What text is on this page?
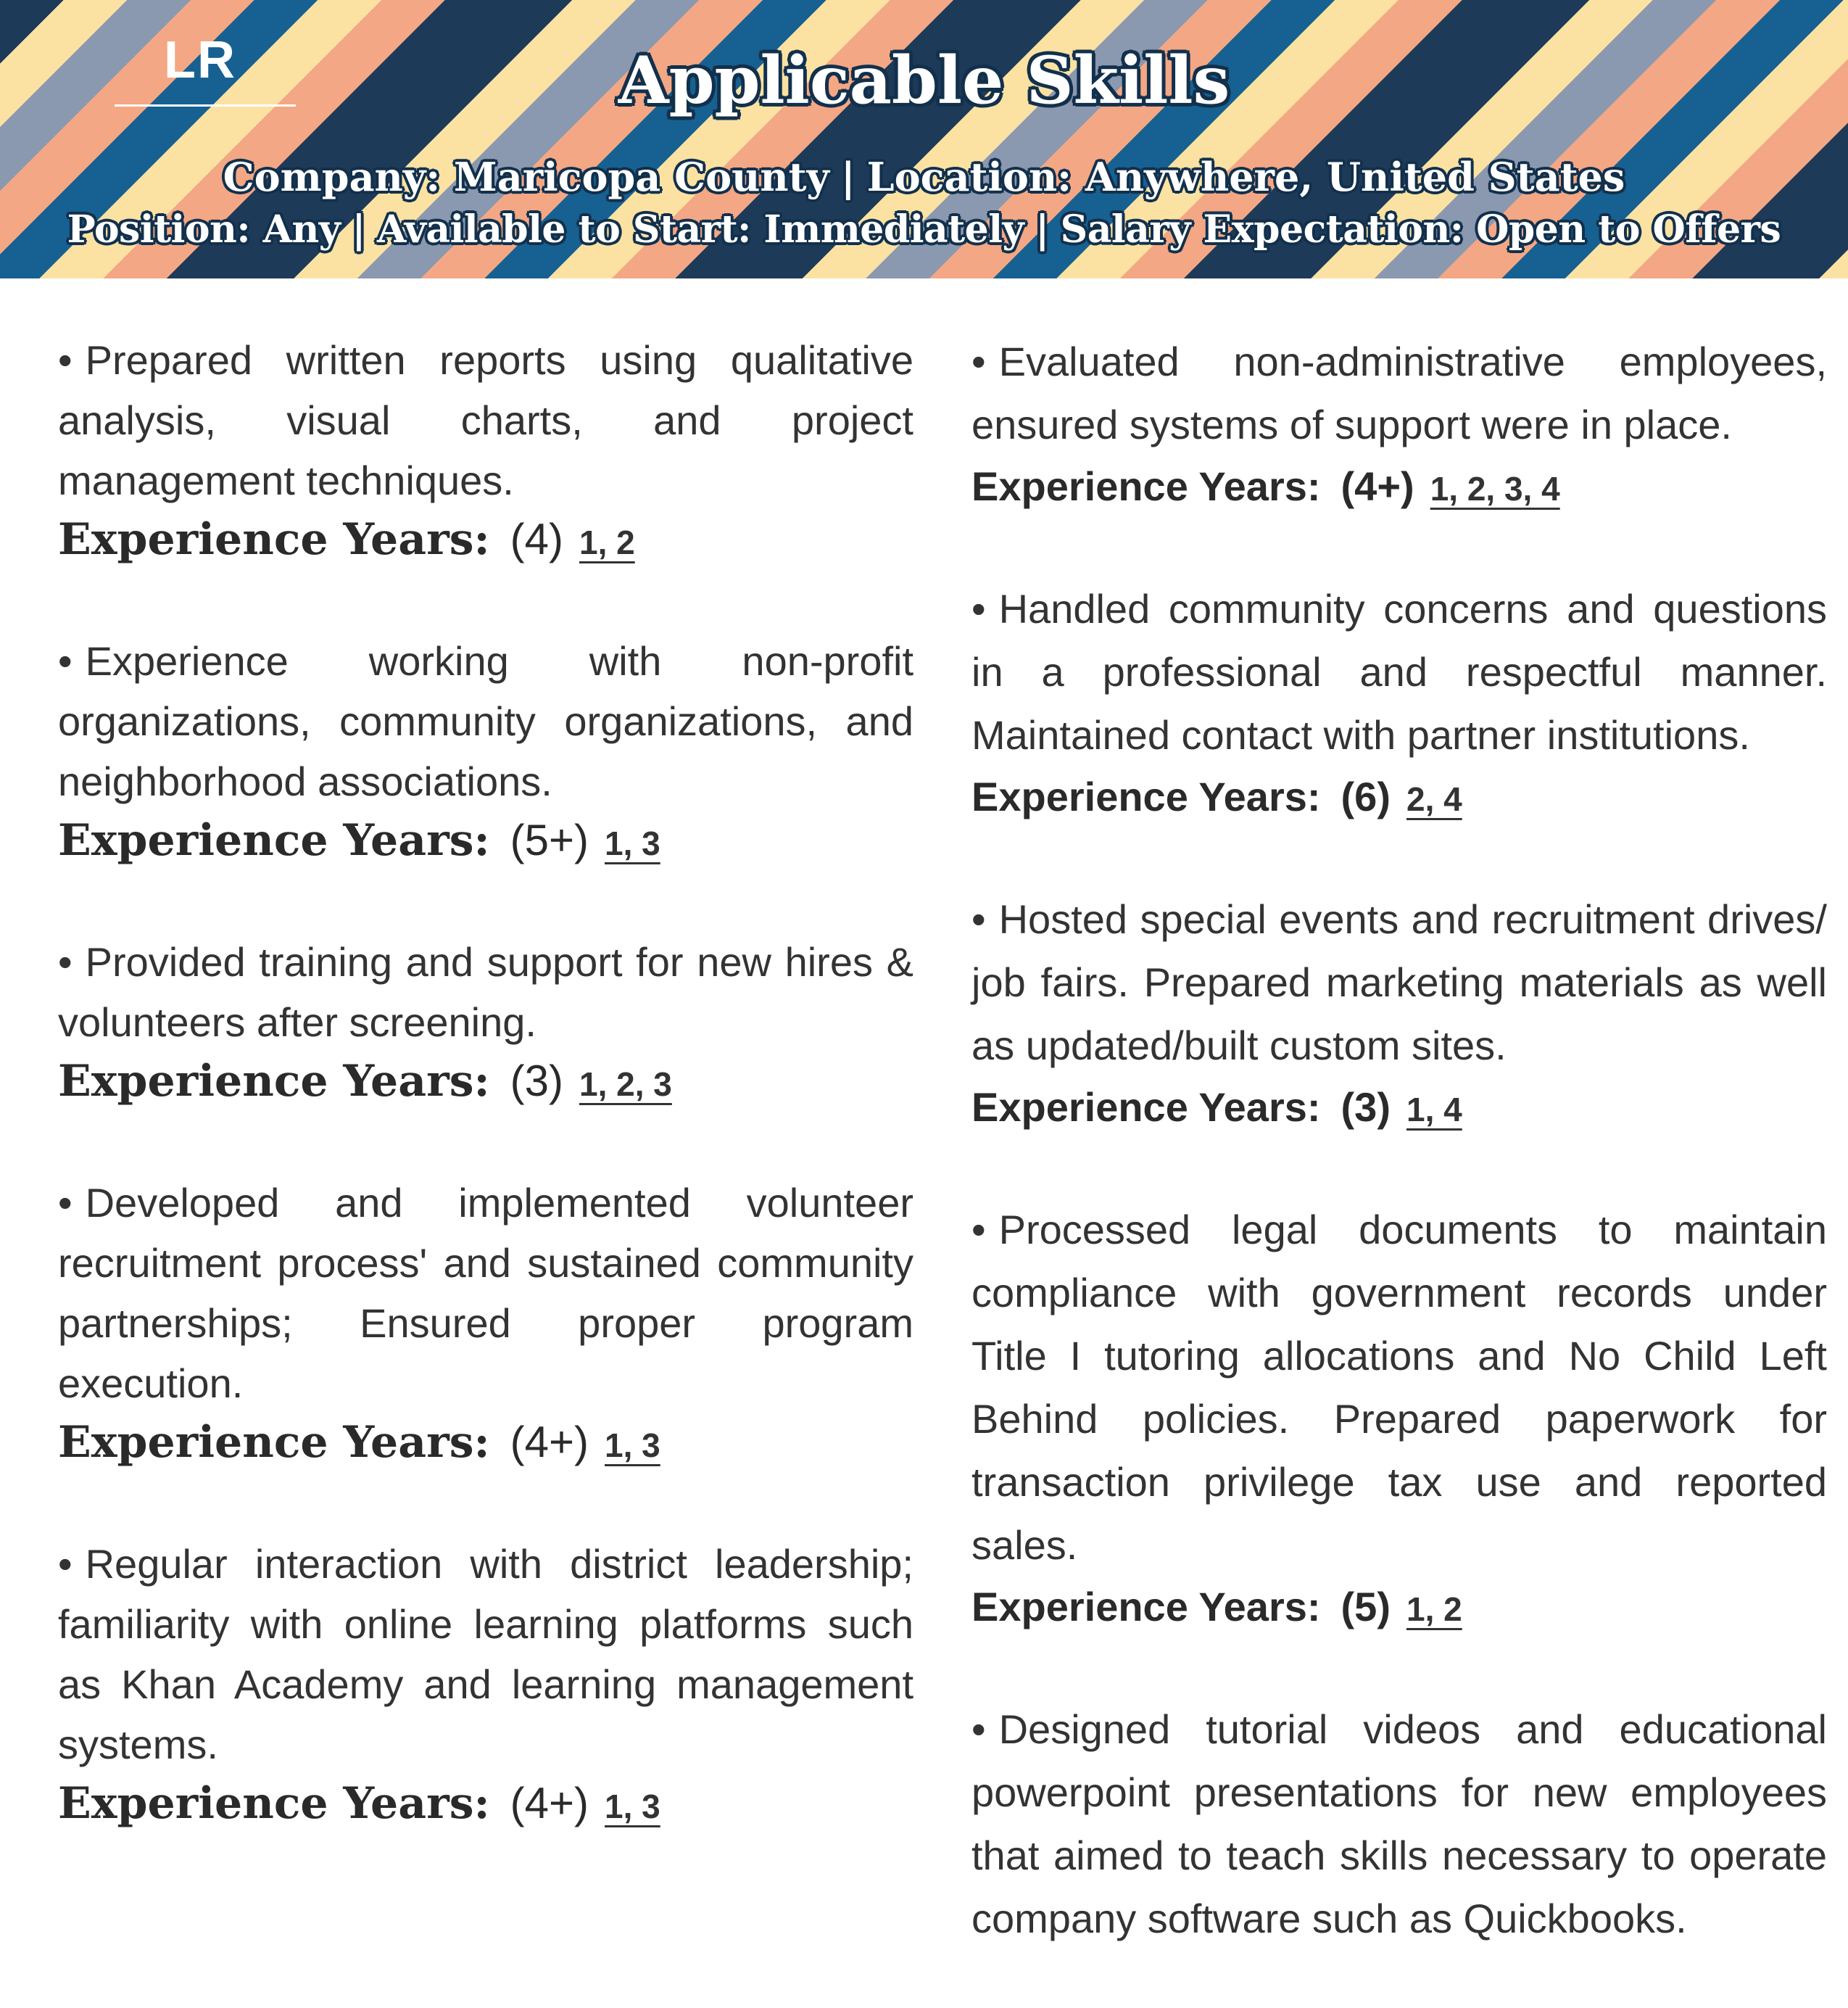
LR	Applicable Skills
Company: Maricopa County | Location: Anywhere, United States
Position: Any | Available to Start: Immediately | Salary Expectation: Open to Offers

• Prepared written reports using qualitative analysis, visual charts, and project management techniques.

Experience Years: (4) 1, 2

• Experience working with non-profit organizations, community organizations, and neighborhood associations.

Experience Years: (5+) 1, 3

• Provided training and support for new hires & volunteers after screening.

Experience Years: (3) 1, 2, 3

• Developed and implemented volunteer recruitment process' and sustained community partnerships; Ensured proper program execution.

Experience Years: (4+) 1, 3

• Regular interaction with district leadership; familiarity with online learning platforms such as Khan Academy and learning management systems.

Experience Years: (4+) 1, 3

• Evaluated non-administrative employees, ensured systems of support were in place.

Experience Years: (4+) 1, 2, 3, 4

• Handled community concerns and questions in a professional and respectful manner. Maintained contact with partner institutions.

Experience Years: (6) 2, 4

• Hosted special events and recruitment drives/ job fairs. Prepared marketing materials as well as updated/built custom sites.

Experience Years: (3) 1, 4

• Processed legal documents to maintain compliance with government records under Title I tutoring allocations and No Child Left Behind policies. Prepared paperwork for transaction privilege tax use and reported sales.

Experience Years: (5) 1, 2

• Designed tutorial videos and educational powerpoint presentations for new employees that aimed to teach skills necessary to operate company software such as Quickbooks.
